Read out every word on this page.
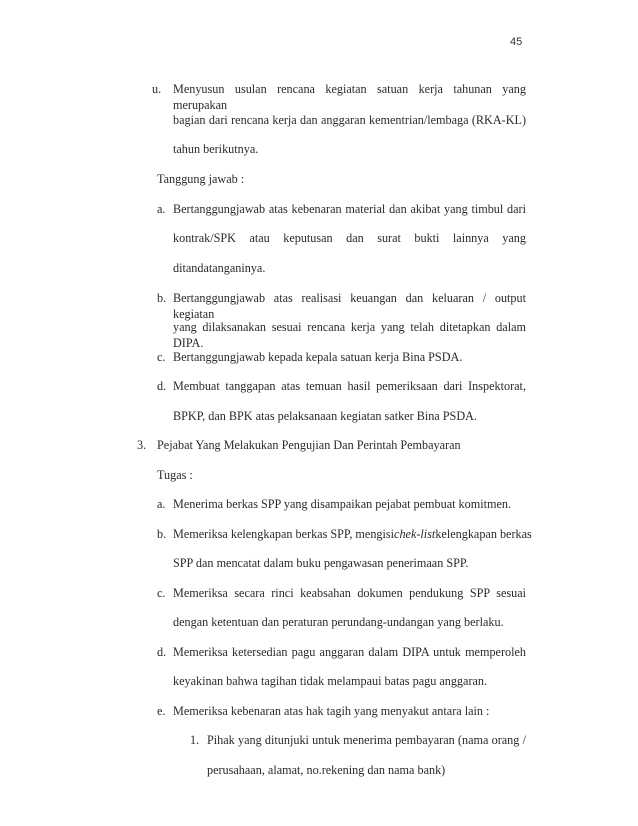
45
u. Menyusun usulan rencana kegiatan satuan kerja tahunan yang merupakan
bagian dari rencana kerja dan anggaran kementrian/lembaga (RKA-KL)
tahun berikutnya.
Tanggung jawab :
a. Bertanggungjawab atas kebenaran material dan akibat yang timbul dari
kontrak/SPK atau keputusan dan surat bukti lainnya yang
ditandatanganinya.
b. Bertanggungjawab atas realisasi keuangan dan keluaran / output kegiatan
yang dilaksanakan sesuai rencana kerja yang telah ditetapkan dalam DIPA.
c. Bertanggungjawab kepada kepala satuan kerja Bina PSDA.
d. Membuat tanggapan atas temuan hasil pemeriksaan dari Inspektorat,
BPKP, dan BPK atas pelaksanaan kegiatan satker Bina PSDA.
3. Pejabat Yang Melakukan Pengujian Dan Perintah Pembayaran
Tugas :
a. Menerima berkas SPP yang disampaikan pejabat pembuat komitmen.
b. Memeriksa kelengkapan berkas SPP, mengisi chek-list kelengkapan berkas
SPP dan mencatat dalam buku pengawasan penerimaan SPP.
c. Memeriksa secara rinci keabsahan dokumen pendukung SPP sesuai
dengan ketentuan dan peraturan perundang-undangan yang berlaku.
d. Memeriksa ketersedian pagu anggaran dalam DIPA untuk memperoleh
keyakinan bahwa tagihan tidak melampaui batas pagu anggaran.
e. Memeriksa kebenaran atas hak tagih yang menyakut antara lain :
1. Pihak yang ditunjuki untuk menerima pembayaran (nama orang /
perusahaan, alamat, no.rekening dan nama bank)
